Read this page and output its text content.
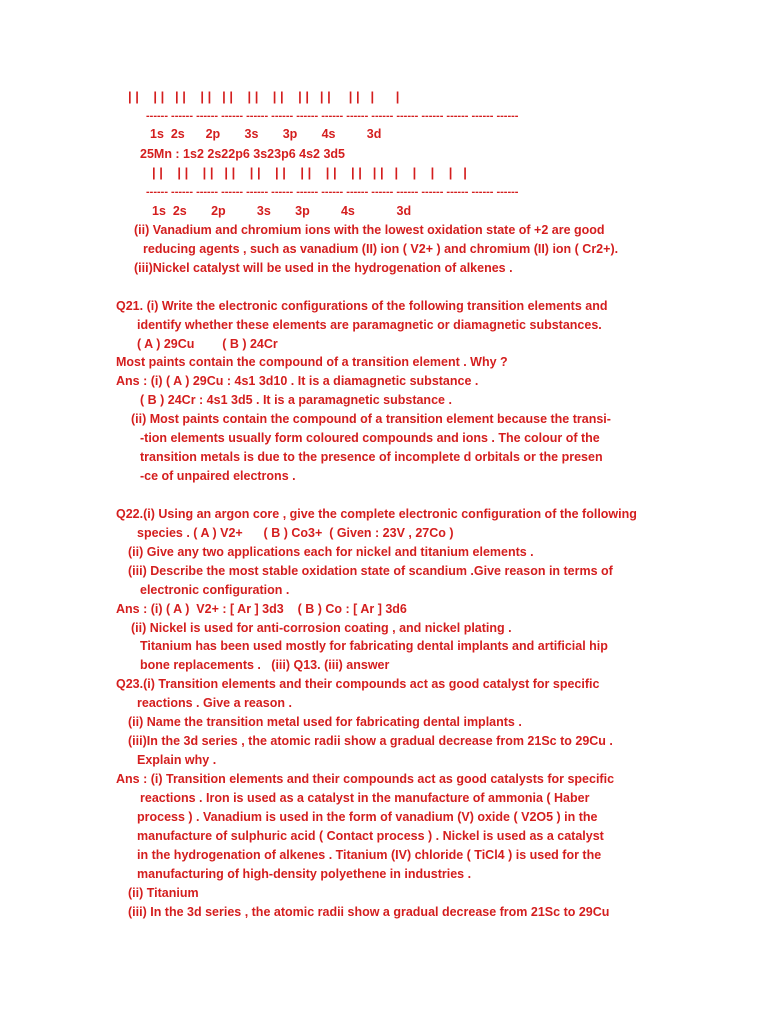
| |    | |   | |    | |   | |    | |    | |    | |   | |     | |   |      |
------ ------ ------ ------ ------ ------ ------ ------ ------ ------ ------ ------ ------ ------ ------
1s  2s      2p       3s       3p       4s         3d
25Mn : 1s2 2s22p6 3s23p6 4s2 3d5
| |    | |    | |   | |    | |    | |    | |    | |    | |   | |   |    |    |    |   |
------ ------ ------ ------ ------ ------ ------ ------ ------ ------ ------ ------ ------ ------ ------
1s  2s       2p         3s       3p         4s            3d
(ii) Vanadium and chromium ions with the lowest oxidation state of +2 are good
reducing agents , such as vanadium (II) ion ( V2+ ) and chromium (II) ion ( Cr2+).
(iii)Nickel catalyst will be used in the hydrogenation of alkenes .
Q21. (i) Write the electronic configurations of the following transition elements and
identify whether these elements are paramagnetic or diamagnetic substances.
( A ) 29Cu        ( B ) 24Cr
Most paints contain the compound of a transition element . Why ?
Ans : (i) ( A ) 29Cu : 4s1 3d10 . It is a diamagnetic substance .
( B ) 24Cr : 4s1 3d5 . It is a paramagnetic substance .
(ii) Most paints contain the compound of a transition element because the transi-
-tion elements usually form coloured compounds and ions . The colour of the
transition metals is due to the presence of incomplete d orbitals or the presen
-ce of unpaired electrons .
Q22.(i) Using an argon core , give the complete electronic configuration of the following
species . ( A ) V2+      ( B ) Co3+  ( Given : 23V , 27Co )
(ii) Give any two applications each for nickel and titanium elements .
(iii) Describe the most stable oxidation state of scandium .Give reason in terms of
electronic configuration .
Ans : (i) ( A )  V2+ : [ Ar ] 3d3    ( B ) Co : [ Ar ] 3d6
(ii) Nickel is used for anti-corrosion coating , and nickel plating .
Titanium has been used mostly for fabricating dental implants and artificial hip
bone replacements .   (iii) Q13. (iii) answer
Q23.(i) Transition elements and their compounds act as good catalyst for specific
reactions . Give a reason .
(ii) Name the transition metal used for fabricating dental implants .
(iii)In the 3d series , the atomic radii show a gradual decrease from 21Sc to 29Cu .
Explain why .
Ans : (i) Transition elements and their compounds act as good catalysts for specific
reactions . Iron is used as a catalyst in the manufacture of ammonia ( Haber
process ) . Vanadium is used in the form of vanadium (V) oxide ( V2O5 ) in the
manufacture of sulphuric acid ( Contact process ) . Nickel is used as a catalyst
in the hydrogenation of alkenes . Titanium (IV) chloride ( TiCl4 ) is used for the
manufacturing of high-density polyethene in industries .
(ii) Titanium
(iii) In the 3d series , the atomic radii show a gradual decrease from 21Sc to 29Cu
